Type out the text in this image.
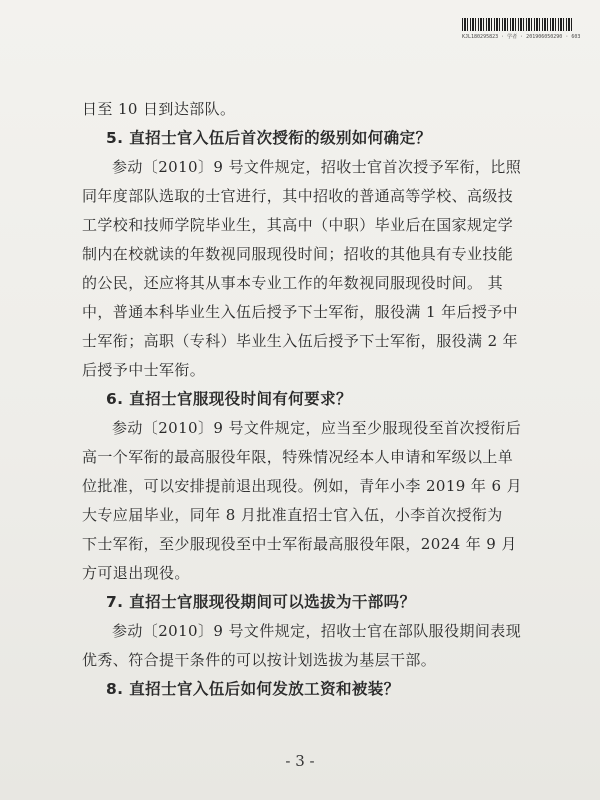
KJL180295823 · 学者 · 201906050290 · 603
日至 10 日到达部队。
5. 直招士官入伍后首次授衔的级别如何确定？
参动〔2010〕9 号文件规定，招收士官首次授予军衔，比照
同年度部队选取的士官进行，其中招收的普通高等学校、高级技
工学校和技师学院毕业生，其高中（中职）毕业后在国家规定学
制内在校就读的年数视同服现役时间；招收的其他具有专业技能
的公民，还应将其从事本专业工作的年数视同服现役时间。 其
中，普通本科毕业生入伍后授予下士军衔，服役满 1 年后授予中
士军衔；高职（专科）毕业生入伍后授予下士军衔，服役满 2 年
后授予中士军衔。
6. 直招士官服现役时间有何要求？
参动〔2010〕9 号文件规定，应当至少服现役至首次授衔后
高一个军衔的最高服役年限，特殊情况经本人申请和军级以上单
位批准，可以安排提前退出现役。例如，青年小李 2019 年 6 月
大专应届毕业，同年 8 月批准直招士官入伍，小李首次授衔为
下士军衔，至少服现役至中士军衔最高服役年限，2024 年 9 月
方可退出现役。
7. 直招士官服现役期间可以选拔为干部吗？
参动〔2010〕9 号文件规定，招收士官在部队服役期间表现
优秀、符合提干条件的可以按计划选拔为基层干部。
8. 直招士官入伍后如何发放工资和被装？
- 3 -
